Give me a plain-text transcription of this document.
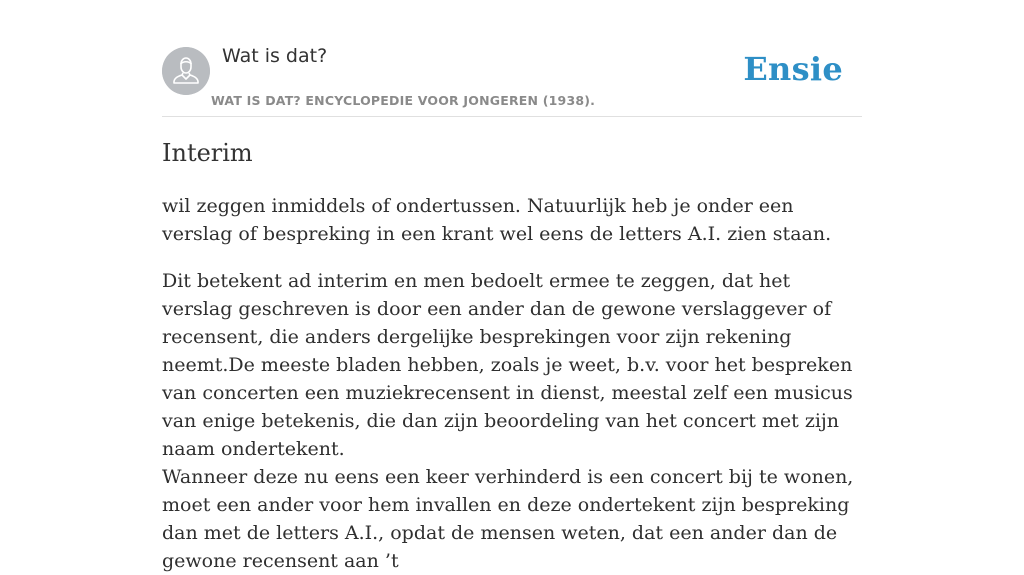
Wat is dat?
WAT IS DAT? ENCYCLOPEDIE VOOR JONGEREN (1938).
Ensie
Interim

wil zeggen inmiddels of ondertussen. Natuurlijk heb je onder een verslag of bespreking in een krant wel eens de letters A.I. zien staan.

Dit betekent ad interim en men bedoelt ermee te zeggen, dat het verslag geschreven is door een ander dan de gewone verslaggever of recensent, die anders dergelijke besprekingen voor zijn rekening neemt.De meeste bladen hebben, zoals je weet, b.v. voor het bespreken van concerten een muziekrecensent in dienst, meestal zelf een musicus van enige betekenis, die dan zijn beoordeling van het concert met zijn naam ondertekent.

Wanneer deze nu eens een keer verhinderd is een concert bij te wonen, moet een ander voor hem invallen en deze ondertekent zijn bespreking dan met de letters A.I., opdat de mensen weten, dat een ander dan de gewone recensent aan ’t
